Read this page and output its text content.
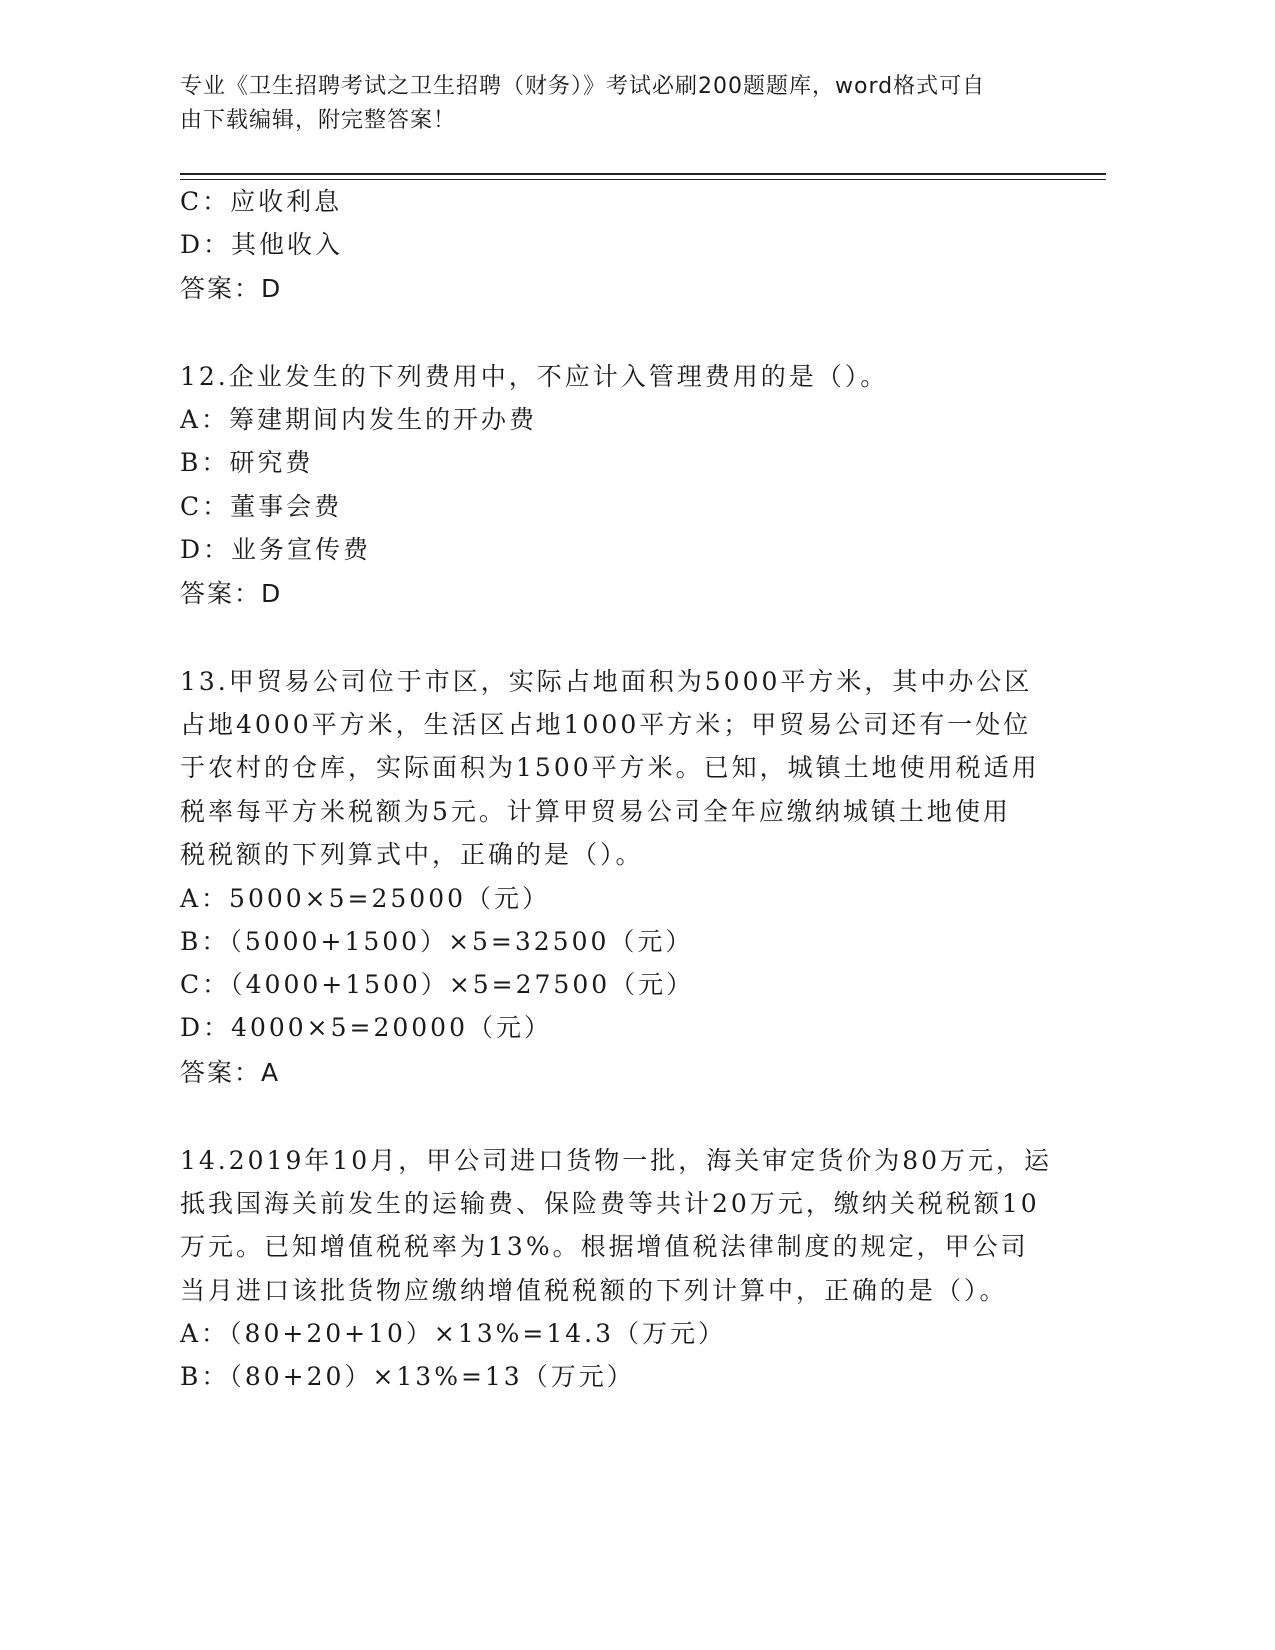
专业《卫生招聘考试之卫生招聘（财务）》考试必刷200题题库，word格式可自
由下载编辑，附完整答案！
C：应收利息
D：其他收入
答案：D
12.企业发生的下列费用中，不应计入管理费用的是（）。
A：筹建期间内发生的开办费
B：研究费
C：董事会费
D：业务宣传费
答案：D
13.甲贸易公司位于市区，实际占地面积为5000平方米，其中办公区
占地4000平方米，生活区占地1000平方米；甲贸易公司还有一处位
于农村的仓库，实际面积为1500平方米。已知，城镇土地使用税适用
税率每平方米税额为5元。计算甲贸易公司全年应缴纳城镇土地使用
税税额的下列算式中，正确的是（）。
A：5000×5=25000（元）
B：（5000+1500）×5=32500（元）
C：（4000+1500）×5=27500（元）
D：4000×5=20000（元）
答案：A
14.2019年10月，甲公司进口货物一批，海关审定货价为80万元，运
抵我国海关前发生的运输费、保险费等共计20万元，缴纳关税税额10
万元。已知增值税税率为13%。根据增值税法律制度的规定，甲公司
当月进口该批货物应缴纳增值税税额的下列计算中，正确的是（）。
A：（80+20+10）×13%=14.3（万元）
B：（80+20）×13%=13（万元）
